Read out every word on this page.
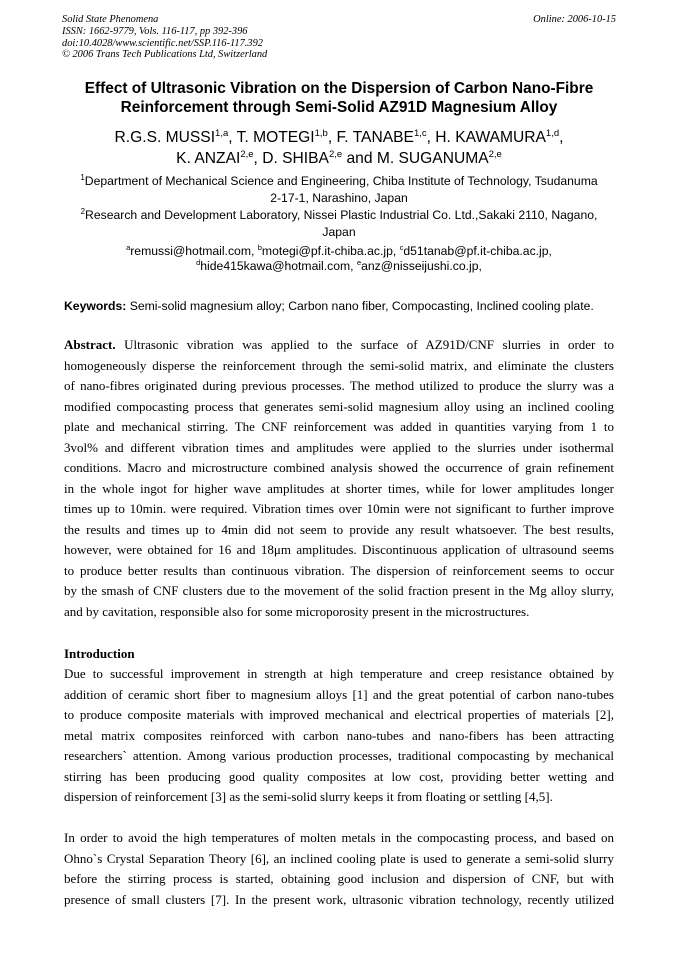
Solid State Phenomena
ISSN: 1662-9779, Vols. 116-117, pp 392-396
doi:10.4028/www.scientific.net/SSP.116-117.392
© 2006 Trans Tech Publications Ltd, Switzerland
Online: 2006-10-15
Effect of Ultrasonic Vibration on the Dispersion of Carbon Nano-Fibre
Reinforcement through Semi-Solid AZ91D Magnesium Alloy
R.G.S. MUSSI$^{1,a}$, T. MOTEGI$^{1,b}$, F. TANABE$^{1,c}$, H. KAWAMURA$^{1,d}$,
K. ANZAI$^{2,e}$, D. SHIBA$^{2,e}$ and M. SUGANUMA$^{2,e}$
$^1$Department of Mechanical Science and Engineering, Chiba Institute of Technology, Tsudanuma
2-17-1, Narashino, Japan
$^2$Research and Development Laboratory, Nissei Plastic Industrial Co. Ltd.,Sakaki 2110, Nagano,
Japan
$^a$remussi@hotmail.com, $^b$motegi@pf.it-chiba.ac.jp, $^c$d51tanab@pf.it-chiba.ac.jp,
$^d$hide415kawa@hotmail.com, $^e$anz@nisseijushi.co.jp,
Keywords: Semi-solid magnesium alloy; Carbon nano fiber, Compocasting, Inclined cooling plate.
Abstract. Ultrasonic vibration was applied to the surface of AZ91D/CNF slurries in order to
homogeneously disperse the reinforcement through the semi-solid matrix, and eliminate the clusters
of nano-fibres originated during previous processes. The method utilized to produce the slurry was a
modified compocasting process that generates semi-solid magnesium alloy using an inclined cooling
plate and mechanical stirring. The CNF reinforcement was added in quantities varying from 1 to
3vol% and different vibration times and amplitudes were applied to the slurries under isothermal
conditions. Macro and microstructure combined analysis showed the occurrence of grain refinement
in the whole ingot for higher wave amplitudes at shorter times, while for lower amplitudes longer
times up to 10min. were required. Vibration times over 10min were not significant to further improve
the results and times up to 4min did not seem to provide any result whatsoever. The best results,
however, were obtained for 16 and 18μm amplitudes. Discontinuous application of ultrasound seems
to produce better results than continuous vibration. The dispersion of reinforcement seems to occur
by the smash of CNF clusters due to the movement of the solid fraction present in the Mg alloy slurry,
and by cavitation, responsible also for some microporosity present in the microstructures.
Introduction
Due to successful improvement in strength at high temperature and creep resistance obtained by
addition of ceramic short fiber to magnesium alloys [1] and the great potential of carbon nano-tubes
to produce composite materials with improved mechanical and electrical properties of materials [2],
metal matrix composites reinforced with carbon nano-tubes and nano-fibers has been attracting
researchers` attention. Among various production processes, traditional compocasting by mechanical
stirring has been producing good quality composites at low cost, providing better wetting and
dispersion of reinforcement [3] as the semi-solid slurry keeps it from floating or settling [4,5].
In order to avoid the high temperatures of molten metals in the compocasting process, and based on
Ohno`s Crystal Separation Theory [6], an inclined cooling plate is used to generate a semi-solid slurry
before the stirring process is started, obtaining good inclusion and dispersion of CNF, but with
presence of small clusters [7]. In the present work, ultrasonic vibration technology, recently utilized
